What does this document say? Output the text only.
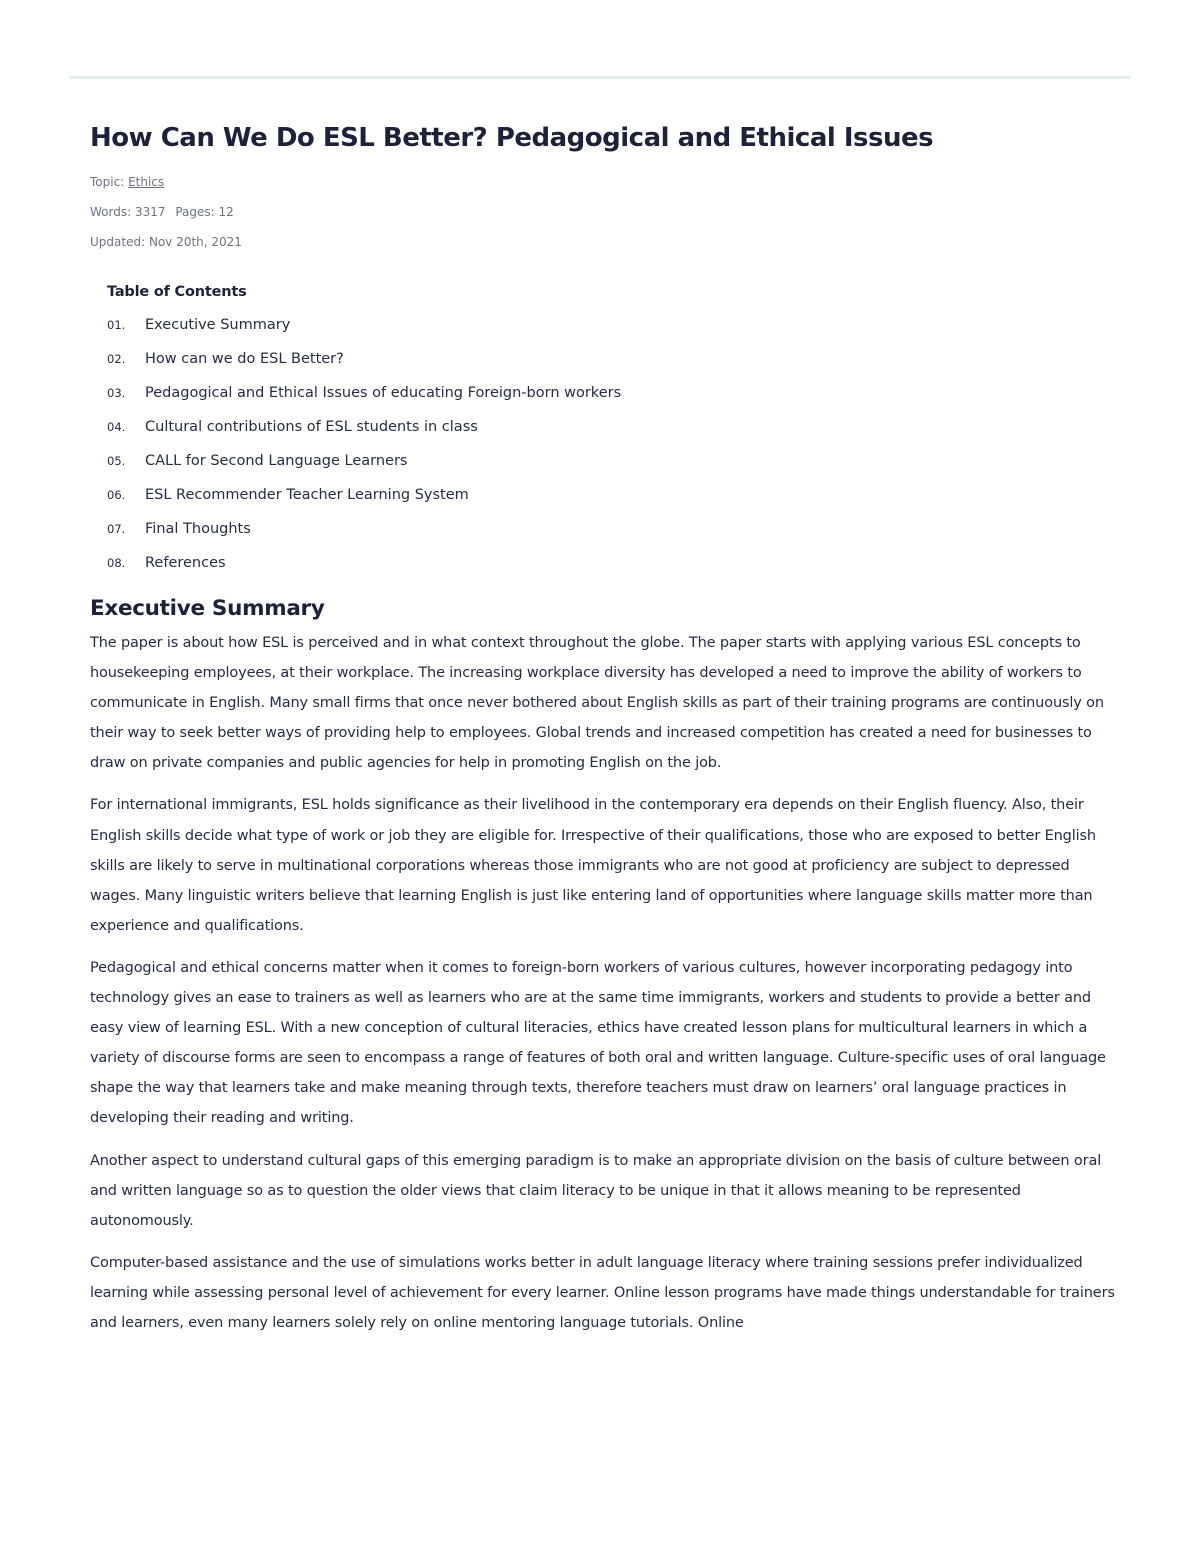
How Can We Do ESL Better? Pedagogical and Ethical Issues
Topic: Ethics
Words: 3317 Pages: 12
Updated: Nov 20th, 2021
Table of Contents
01.	Executive Summary
02.	How can we do ESL Better?
03.	Pedagogical and Ethical Issues of educating Foreign-born workers
04.	Cultural contributions of ESL students in class
05.	CALL for Second Language Learners
06.	ESL Recommender Teacher Learning System
07.	Final Thoughts
08.	References
Executive Summary

The paper is about how ESL is perceived and in what context throughout the globe. The paper starts with applying various ESL concepts to housekeeping employees, at their workplace. The increasing workplace diversity has developed a need to improve the ability of workers to communicate in English. Many small firms that once never bothered about English skills as part of their training programs are continuously on their way to seek better ways of providing help to employees. Global trends and increased competition has created a need for businesses to draw on private companies and public agencies for help in promoting English on the job.

For international immigrants, ESL holds significance as their livelihood in the contemporary era depends on their English fluency. Also, their English skills decide what type of work or job they are eligible for. Irrespective of their qualifications, those who are exposed to better English skills are likely to serve in multinational corporations whereas those immigrants who are not good at proficiency are subject to depressed wages. Many linguistic writers believe that learning English is just like entering land of opportunities where language skills matter more than experience and qualifications.

Pedagogical and ethical concerns matter when it comes to foreign-born workers of various cultures, however incorporating pedagogy into technology gives an ease to trainers as well as learners who are at the same time immigrants, workers and students to provide a better and easy view of learning ESL. With a new conception of cultural literacies, ethics have created lesson plans for multicultural learners in which a variety of discourse forms are seen to encompass a range of features of both oral and written language. Culture-specific uses of oral language shape the way that learners take and make meaning through texts, therefore teachers must draw on learners’ oral language practices in developing their reading and writing.

Another aspect to understand cultural gaps of this emerging paradigm is to make an appropriate division on the basis of culture between oral and written language so as to question the older views that claim literacy to be unique in that it allows meaning to be represented autonomously.

Computer-based assistance and the use of simulations works better in adult language literacy where training sessions prefer individualized learning while assessing personal level of achievement for every learner. Online lesson programs have made things understandable for trainers and learners, even many learners solely rely on online mentoring language tutorials. Online
